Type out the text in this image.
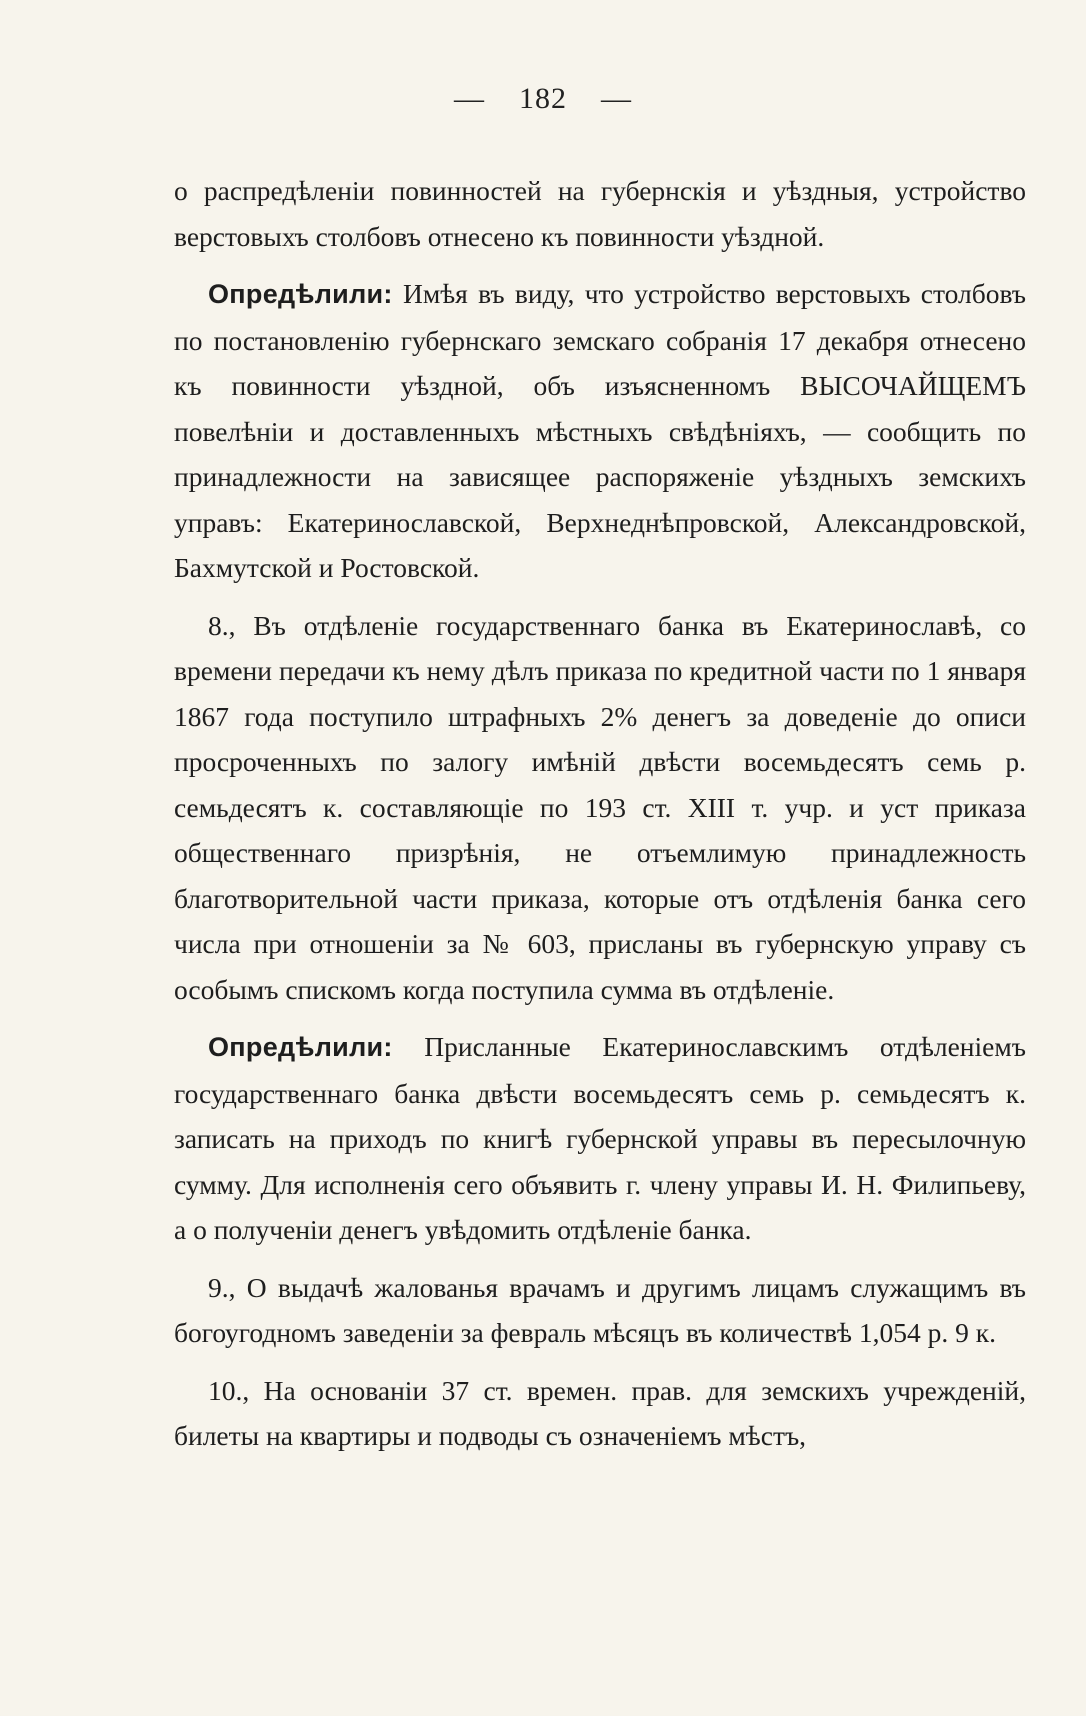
— 182 —

о распредѣленіи повинностей на губернскія и уѣздныя, устройство верстовыхъ столбовъ отнесено къ повинности уѣздной.

Опредѣлили: Имѣя въ виду, что устройство верстовыхъ столбовъ по постановленію губернскаго земскаго собранія 17 декабря отнесено къ повинности уѣздной, объ изъясненномъ ВЫСОЧАЙЩЕМЪ повелѣніи и доставленныхъ мѣстныхъ свѣдѣніяхъ, — сообщить по принадлежности на зависящее распоряженіе уѣздныхъ земскихъ управъ: Екатеринославской, Верхнеднѣпровской, Александровской, Бахмутской и Ростовской.

8., Въ отдѣленіе государственнаго банка въ Екатеринославѣ, со времени передачи къ нему дѣлъ приказа по кредитной части по 1 января 1867 года поступило штрафныхъ 2% денегъ за доведеніе до описи просроченныхъ по залогу имѣній двѣсти восемьдесятъ семь р. семьдесятъ к. составляющіе по 193 ст. XIII т. учр. и уст приказа общественнаго призрѣнія, не отъемлимую принадлежность благотворительной части приказа, которые отъ отдѣленія банка сего числа при отношеніи за № 603, присланы въ губернскую управу съ особымъ спискомъ когда поступила сумма въ отдѣленіе.

Опредѣлили: Присланные Екатеринославскимъ отдѣленіемъ государственнаго банка двѣсти восемьдесятъ семь р. семьдесятъ к. записать на приходъ по книгѣ губернской управы въ пересылочную сумму. Для исполненія сего объявить г. члену управы И. Н. Филипьеву, а о полученіи денегъ увѣдомить отдѣленіе банка.

9., О выдачѣ жалованья врачамъ и другимъ лицамъ служащимъ въ богоугодномъ заведеніи за февраль мѣсяцъ въ количествѣ 1,054 р. 9 к.

10., На основаніи 37 ст. времен. прав. для земскихъ учрежденій, билеты на квартиры и подводы съ означеніемъ мѣстъ,
